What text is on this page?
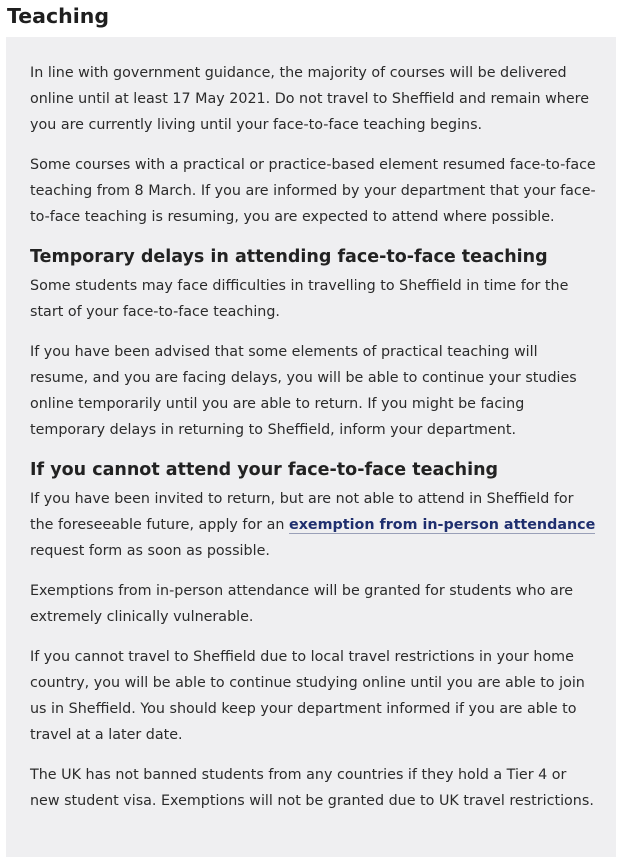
Teaching

In line with government guidance, the majority of courses will be delivered online until at least 17 May 2021. Do not travel to Sheffield and remain where you are currently living until your face-to-face teaching begins.

Some courses with a practical or practice-based element resumed face-to-face teaching from 8 March. If you are informed by your department that your face-to-face teaching is resuming, you are expected to attend where possible.

Temporary delays in attending face-to-face teaching

Some students may face difficulties in travelling to Sheffield in time for the start of your face-to-face teaching.

If you have been advised that some elements of practical teaching will resume, and you are facing delays, you will be able to continue your studies online temporarily until you are able to return. If you might be facing temporary delays in returning to Sheffield, inform your department.

If you cannot attend your face-to-face teaching

If you have been invited to return, but are not able to attend in Sheffield for the foreseeable future, apply for an exemption from in-person attendance request form as soon as possible.

Exemptions from in-person attendance will be granted for students who are extremely clinically vulnerable.

If you cannot travel to Sheffield due to local travel restrictions in your home country, you will be able to continue studying online until you are able to join us in Sheffield. You should keep your department informed if you are able to travel at a later date.

The UK has not banned students from any countries if they hold a Tier 4 or new student visa. Exemptions will not be granted due to UK travel restrictions.
